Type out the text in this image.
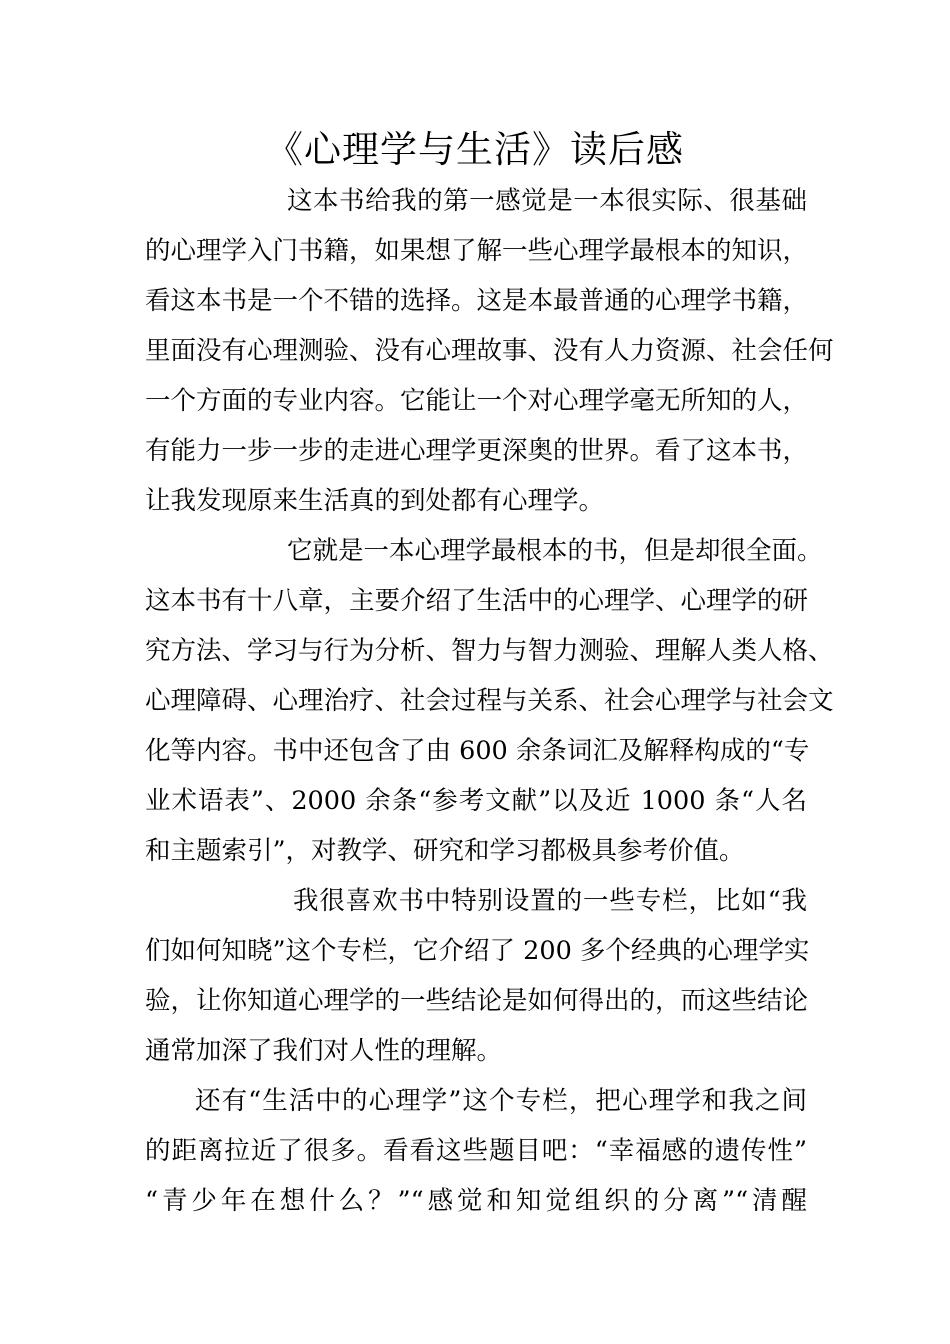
《心理学与生活》读后感
这本书给我的第一感觉是一本很实际、很基础
的心理学入门书籍，如果想了解一些心理学最根本的知识，
看这本书是一个不错的选择。这是本最普通的心理学书籍，
里面没有心理测验、没有心理故事、没有人力资源、社会任何
一个方面的专业内容。它能让一个对心理学毫无所知的人，
有能力一步一步的走进心理学更深奥的世界。看了这本书，
让我发现原来生活真的到处都有心理学。
它就是一本心理学最根本的书，但是却很全面。
这本书有十八章，主要介绍了生活中的心理学、心理学的研
究方法、学习与行为分析、智力与智力测验、理解人类人格、
心理障碍、心理治疗、社会过程与关系、社会心理学与社会文
化等内容。书中还包含了由 600 余条词汇及解释构成的“专
业术语表”、2000 余条“参考文献”以及近 1000 条“人名
和主题索引”，对教学、研究和学习都极具参考价值。
我很喜欢书中特别设置的一些专栏，比如“我
们如何知晓”这个专栏，它介绍了 200 多个经典的心理学实
验，让你知道心理学的一些结论是如何得出的，而这些结论
通常加深了我们对人性的理解。
还有“生活中的心理学”这个专栏，把心理学和我之间
的距离拉近了很多。看看这些题目吧：“幸福感的遗传性”
“青少年在想什么？”“感觉和知觉组织的分离”“清醒
